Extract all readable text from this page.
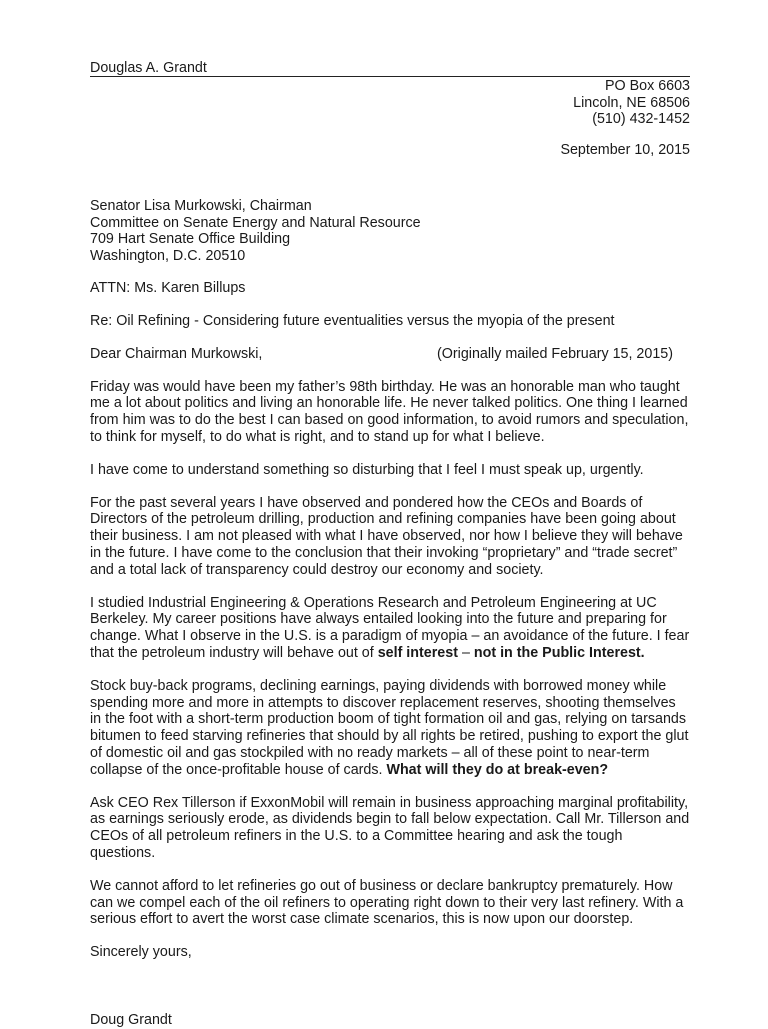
Douglas A. Grandt
PO Box 6603
Lincoln, NE 68506
(510) 432-1452
September 10, 2015
Senator Lisa Murkowski, Chairman
Committee on Senate Energy and Natural Resource
709 Hart Senate Office Building
Washington, D.C. 20510
ATTN: Ms. Karen Billups
Re: Oil Refining - Considering future eventualities versus the myopia of the present
Dear Chairman Murkowski,	(Originally mailed February 15, 2015)

Friday was would have been my father’s 98th birthday. He was an honorable man who taught me a lot about politics and living an honorable life. He never talked politics. One thing I learned from him was to do the best I can based on good information, to avoid rumors and speculation, to think for myself, to do what is right, and to stand up for what I believe.

I have come to understand something so disturbing that I feel I must speak up, urgently.

For the past several years I have observed and pondered how the CEOs and Boards of Directors of the petroleum drilling, production and refining companies have been going about their business. I am not pleased with what I have observed, nor how I believe they will behave in the future. I have come to the conclusion that their invoking “proprietary” and “trade secret” and a total lack of transparency could destroy our economy and society.

I studied Industrial Engineering & Operations Research and Petroleum Engineering at UC Berkeley. My career positions have always entailed looking into the future and preparing for change. What I observe in the U.S. is a paradigm of myopia – an avoidance of the future. I fear that the petroleum industry will behave out of self interest – not in the Public Interest.

Stock buy-back programs, declining earnings, paying dividends with borrowed money while spending more and more in attempts to discover replacement reserves, shooting themselves in the foot with a short-term production boom of tight formation oil and gas, relying on tarsands bitumen to feed starving refineries that should by all rights be retired, pushing to export the glut of domestic oil and gas stockpiled with no ready markets – all of these point to near-term collapse of the once-profitable house of cards. What will they do at break-even?

Ask CEO Rex Tillerson if ExxonMobil will remain in business approaching marginal profitability, as earnings seriously erode, as dividends begin to fall below expectation. Call Mr. Tillerson and CEOs of all petroleum refiners in the U.S. to a Committee hearing and ask the tough questions.

We cannot afford to let refineries go out of business or declare bankruptcy prematurely. How can we compel each of the oil refiners to operating right down to their very last refinery. With a serious effort to avert the worst case climate scenarios, this is now upon our doorstep.

Sincerely yours,
Doug Grandt
